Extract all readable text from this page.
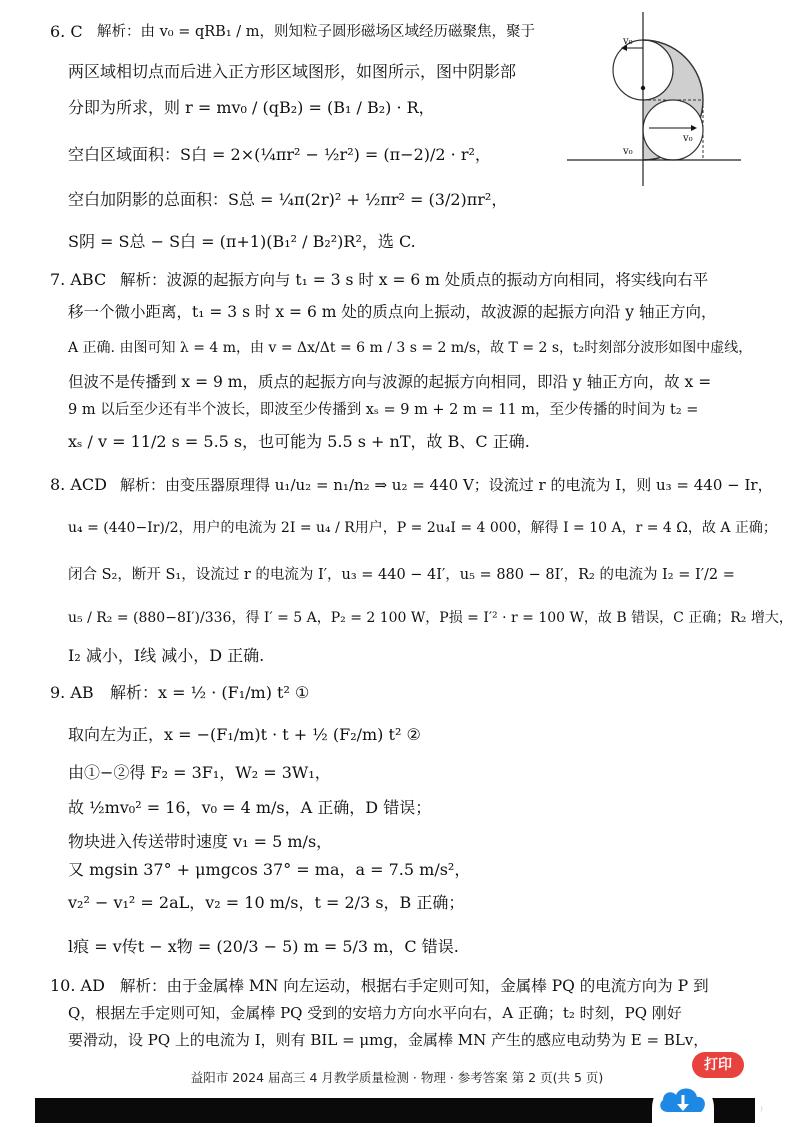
6. C
7. ABC
8. ACD
9. AB
10. AD
解析：由 v₀ = qRB₁ / m，则知粒子圆形磁场区域经历磁聚焦，聚于
两区域相切点而后进入正方形区域图形，如图所示，图中阴影部
分即为所求，则 r = mv₀ / (qB₂) = (B₁ / B₂) · R，
空白区域面积：S白 = 2×(¼πr² − ½r²) = (π−2)/2 · r²，
空白加阴影的总面积：S总 = ¼π(2r)² + ½πr² = (3/2)πr²，
S阴 = S总 − S白 = (π+1)(B₁² / B₂²)R²，选 C.
解析：波源的起振方向与 t₁ = 3 s 时 x = 6 m 处质点的振动方向相同，将实线向右平
移一个微小距离，t₁ = 3 s 时 x = 6 m 处的质点向上振动，故波源的起振方向沿 y 轴正方向，
A 正确. 由图可知 λ = 4 m，由 v = Δx/Δt = 6 m / 3 s = 2 m/s，故 T = 2 s，t₂时刻部分波形如图中虚线，
但波不是传播到 x = 9 m，质点的起振方向与波源的起振方向相同，即沿 y 轴正方向，故 x =
9 m 以后至少还有半个波长，即波至少传播到 xₛ = 9 m + 2 m = 11 m，至少传播的时间为 t₂ =
xₛ / v = 11/2 s = 5.5 s，也可能为 5.5 s + nT，故 B、C 正确.
解析：由变压器原理得 u₁/u₂ = n₁/n₂ ⇒ u₂ = 440 V；设流过 r 的电流为 I，则 u₃ = 440 − Ir，
u₄ = (440−Ir)/2，用户的电流为 2I = u₄ / R用户，P = 2u₄I = 4 000，解得 I = 10 A，r = 4 Ω，故 A 正确；
闭合 S₂，断开 S₁，设流过 r 的电流为 I′，u₃ = 440 − 4I′，u₅ = 880 − 8I′，R₂ 的电流为 I₂ = I′/2 =
u₅ / R₂ = (880−8I′)/336，得 I′ = 5 A，P₂ = 2 100 W，P损 = I′² · r = 100 W，故 B 错误，C 正确；R₂ 增大，
I₂ 减小，I线 减小，D 正确.
解析：x = ½ · (F₁/m) t² ①
取向左为正，x = −(F₁/m)t · t + ½ (F₂/m) t² ②
由①−②得 F₂ = 3F₁，W₂ = 3W₁，
故 ½mv₀² = 16，v₀ = 4 m/s，A 正确，D 错误；
物块进入传送带时速度 v₁ = 5 m/s，
又 mgsin 37° + μmgcos 37° = ma，a = 7.5 m/s²，
v₂² − v₁² = 2aL，v₂ = 10 m/s，t = 2/3 s，B 正确；
l痕 = v传t − x物 = (20/3 − 5) m = 5/3 m，C 错误.
解析：由于金属棒 MN 向左运动，根据右手定则可知，金属棒 PQ 的电流方向为 P 到
Q，根据左手定则可知，金属棒 PQ 受到的安培力方向水平向右，A 正确；t₂ 时刻，PQ 刚好
要滑动，设 PQ 上的电流为 I，则有 BIL = μmg，金属棒 MN 产生的感应电动势为 E = BLv，
v₀
v₀
v₀
益阳市 2024 届高三 4 月教学质量检测 · 物理 · 参考答案 第 2 页(共 5 页)
打印
⁾
